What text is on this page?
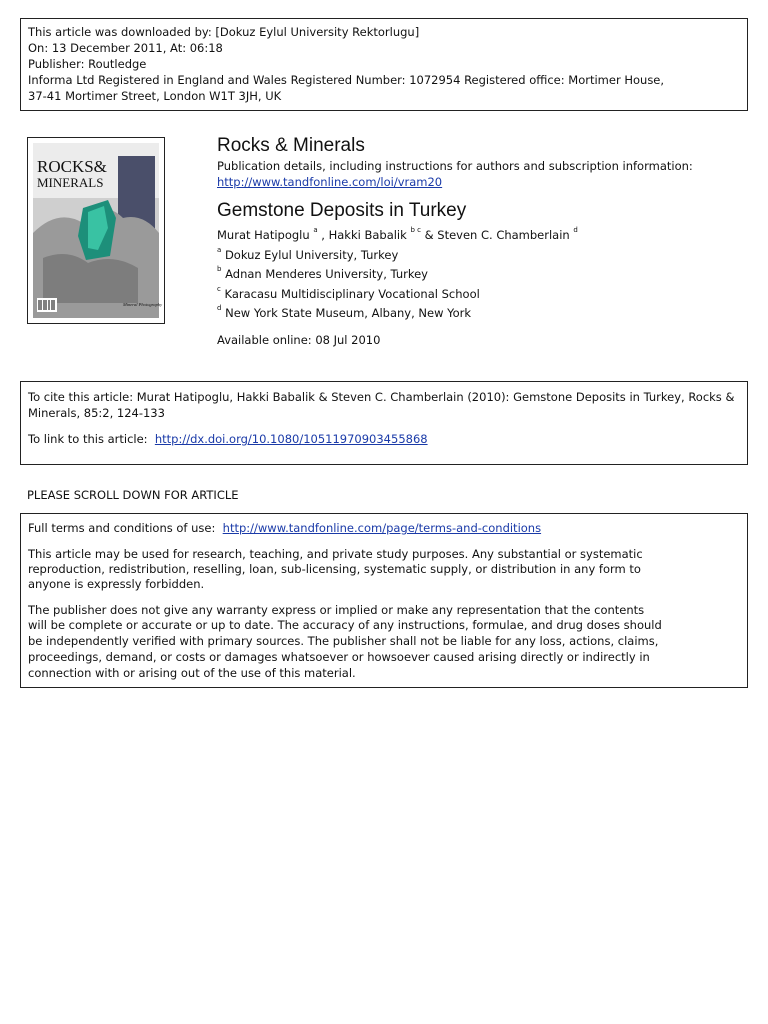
This article was downloaded by: [Dokuz Eylul University Rektorlugu]
On: 13 December 2011, At: 06:18
Publisher: Routledge
Informa Ltd Registered in England and Wales Registered Number: 1072954 Registered office: Mortimer House,
37-41 Mortimer Street, London W1T 3JH, UK
ROCKS&
MINERALS
Mineral Photography
Rocks & Minerals
Publication details, including instructions for authors and subscription information:
http://www.tandfonline.com/loi/vram20
Gemstone Deposits in Turkey
Murat Hatipoglu $^a$ , Hakki Babalik $^{b c}$ & Steven C. Chamberlain $^d$
$^a$ Dokuz Eylul University, Turkey
$^b$ Adnan Menderes University, Turkey
$^c$ Karacasu Multidisciplinary Vocational School
$^d$ New York State Museum, Albany, New York
Available online: 08 Jul 2010
To cite this article: Murat Hatipoglu, Hakki Babalik & Steven C. Chamberlain (2010): Gemstone Deposits in Turkey, Rocks &
Minerals, 85:2, 124-133
To link to this article: http://dx.doi.org/10.1080/10511970903455868
PLEASE SCROLL DOWN FOR ARTICLE
Full terms and conditions of use: http://www.tandfonline.com/page/terms-and-conditions
This article may be used for research, teaching, and private study purposes. Any substantial or systematic
reproduction, redistribution, reselling, loan, sub-licensing, systematic supply, or distribution in any form to
anyone is expressly forbidden.
The publisher does not give any warranty express or implied or make any representation that the contents
will be complete or accurate or up to date. The accuracy of any instructions, formulae, and drug doses should
be independently verified with primary sources. The publisher shall not be liable for any loss, actions, claims,
proceedings, demand, or costs or damages whatsoever or howsoever caused arising directly or indirectly in
connection with or arising out of the use of this material.
